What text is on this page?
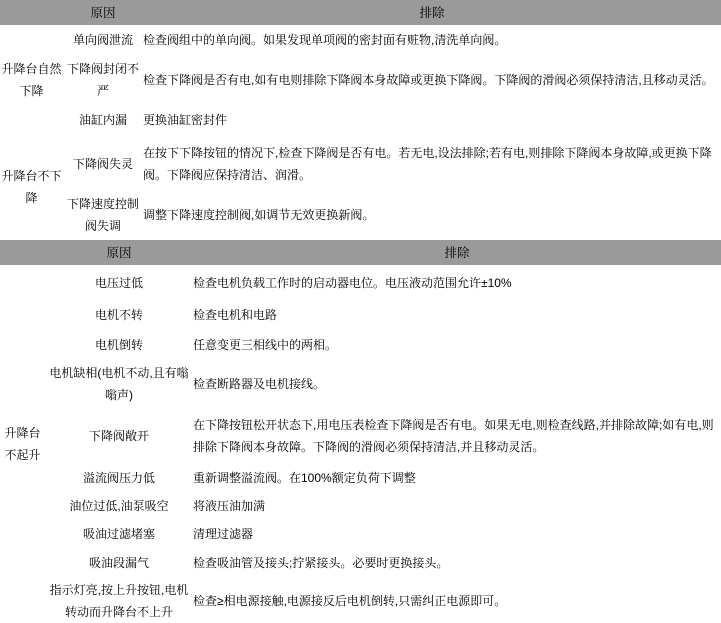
	原因	排除
升降台自然下降	单向阀泄流	检查阀组中的单向阀。如果发现单项阀的密封面有赃物,清洗单向阀。
	下降阀封闭不严	检查下降阀是否有电,如有电则排除下降阀本身故障或更换下降阀。下降阀的滑阀必须保持清洁,且移动灵活。
	油缸内漏	更换油缸密封件
升降台不下降	下降阀失灵	在按下下降按钮的情况下,检查下降阀是否有电。若无电,设法排除;若有电,则排除下降阀本身故障,或更换下降阀。下降阀应保持清洁、润滑。
	下降速度控制阀失调	调整下降速度控制阀,如调节无效更换新阀。
	原因	排除
升降台不起升	电压过低	检查电机负载工作时的启动器电位。电压液动范围允许±10%
	电机不转	检查电机和电路
	电机倒转	任意变更三相线中的两相。
	电机缺相(电机不动,且有嗡嗡声)	检查断路器及电机接线。
	下降阀敞开	在下降按钮松开状态下,用电压表检查下降阀是否有电。如果无电,则检查线路,并排除故障;如有电,则排除下降阀本身故障。下降阀的滑阀必须保持清洁,并且移动灵活。
	溢流阀压力低	重新调整溢流阀。在100%额定负荷下调整
	油位过低,油泵吸空	将液压油加满
	吸油过滤堵塞	清理过滤器
	吸油段漏气	检查吸油管及接头;拧紧接头。必要时更换接头。
	指示灯亮,按上升按钮,电机转动而升降台不上升	检查≥相电源接触,电源接反后电机倒转,只需纠正电源即可。
